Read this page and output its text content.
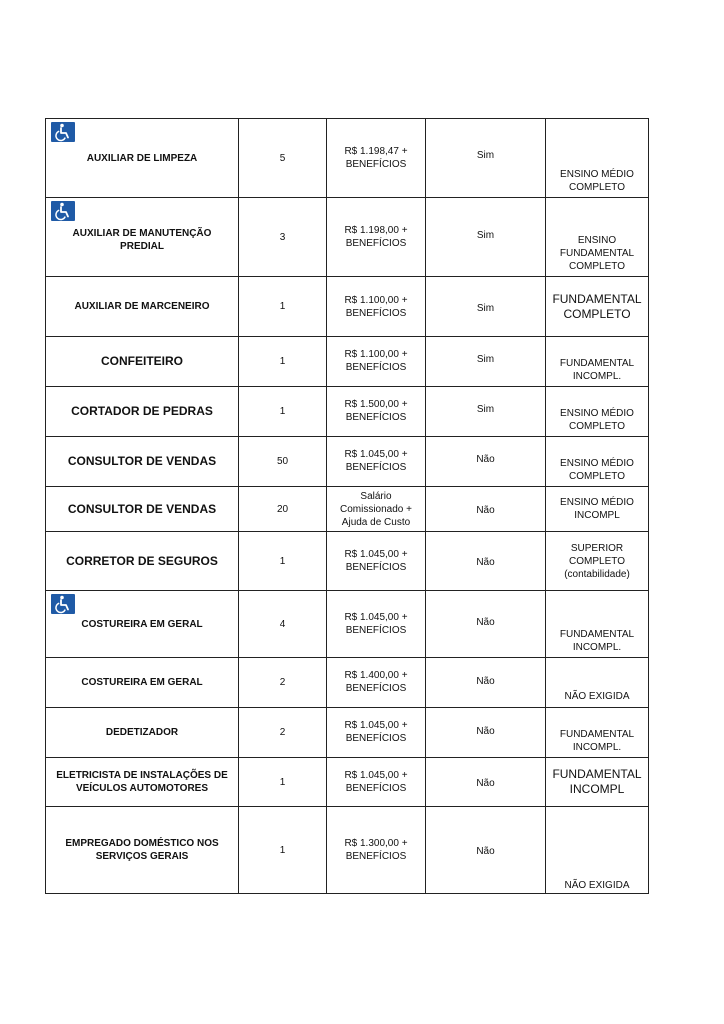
AUXILIAR DE LIMPEZA	5	R$ 1.198,47 + BENEFÍCIOS	Sim	ENSINO MÉDIO COMPLETO

AUXILIAR DE MANUTENÇÃO PREDIAL	3	R$ 1.198,00 + BENEFÍCIOS	Sim	ENSINO FUNDAMENTAL COMPLETO

AUXILIAR DE MARCENEIRO	1	R$ 1.100,00 + BENEFÍCIOS	Sim	FUNDAMENTAL COMPLETO

CONFEITEIRO	1	R$ 1.100,00 + BENEFÍCIOS	Sim	FUNDAMENTAL INCOMPL.

CORTADOR DE PEDRAS	1	R$ 1.500,00 + BENEFÍCIOS	Sim	ENSINO MÉDIO COMPLETO

CONSULTOR DE VENDAS	50	R$ 1.045,00 + BENEFÍCIOS	Não	ENSINO MÉDIO COMPLETO

CONSULTOR DE VENDAS	20	Salário Comissionado + Ajuda de Custo	Não	ENSINO MÉDIO INCOMPL

CORRETOR DE SEGUROS	1	R$ 1.045,00 + BENEFÍCIOS	Não	SUPERIOR COMPLETO (contabilidade)

COSTUREIRA EM GERAL	4	R$ 1.045,00 + BENEFÍCIOS	Não	FUNDAMENTAL INCOMPL.

COSTUREIRA EM GERAL	2	R$ 1.400,00 + BENEFÍCIOS	Não	NÃO EXIGIDA

DEDETIZADOR	2	R$ 1.045,00 + BENEFÍCIOS	Não	FUNDAMENTAL INCOMPL.

ELETRICISTA DE INSTALAÇÕES DE VEÍCULOS AUTOMOTORES	1	R$ 1.045,00 + BENEFÍCIOS	Não	FUNDAMENTAL INCOMPL

EMPREGADO DOMÉSTICO NOS SERVIÇOS GERAIS	1	R$ 1.300,00 + BENEFÍCIOS	Não	NÃO EXIGIDA
